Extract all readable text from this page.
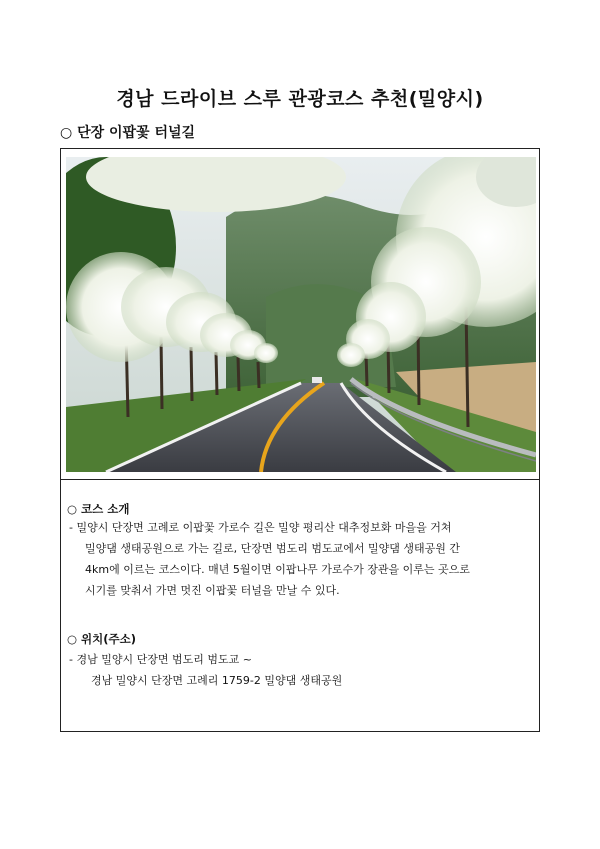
경남 드라이브 스루 관광코스 추천(밀양시)
○ 단장 이팝꽃 터널길
○ 코스 소개
- 밀양시 단장면 고례로 이팝꽃 가로수 길은 밀양 평리산 대추정보화 마을을 거쳐
밀양댐 생태공원으로 가는 길로, 단장면 범도리 범도교에서 밀양댐 생태공원 간
4km에 이르는 코스이다. 매년 5월이면 이팝나무 가로수가 장관을 이루는 곳으로
시기를 맞춰서 가면 멋진 이팝꽃 터널을 만날 수 있다.
○ 위치(주소)
- 경남 밀양시 단장면 범도리 범도교 ~
경남 밀양시 단장면 고례리 1759-2 밀양댐 생태공원
